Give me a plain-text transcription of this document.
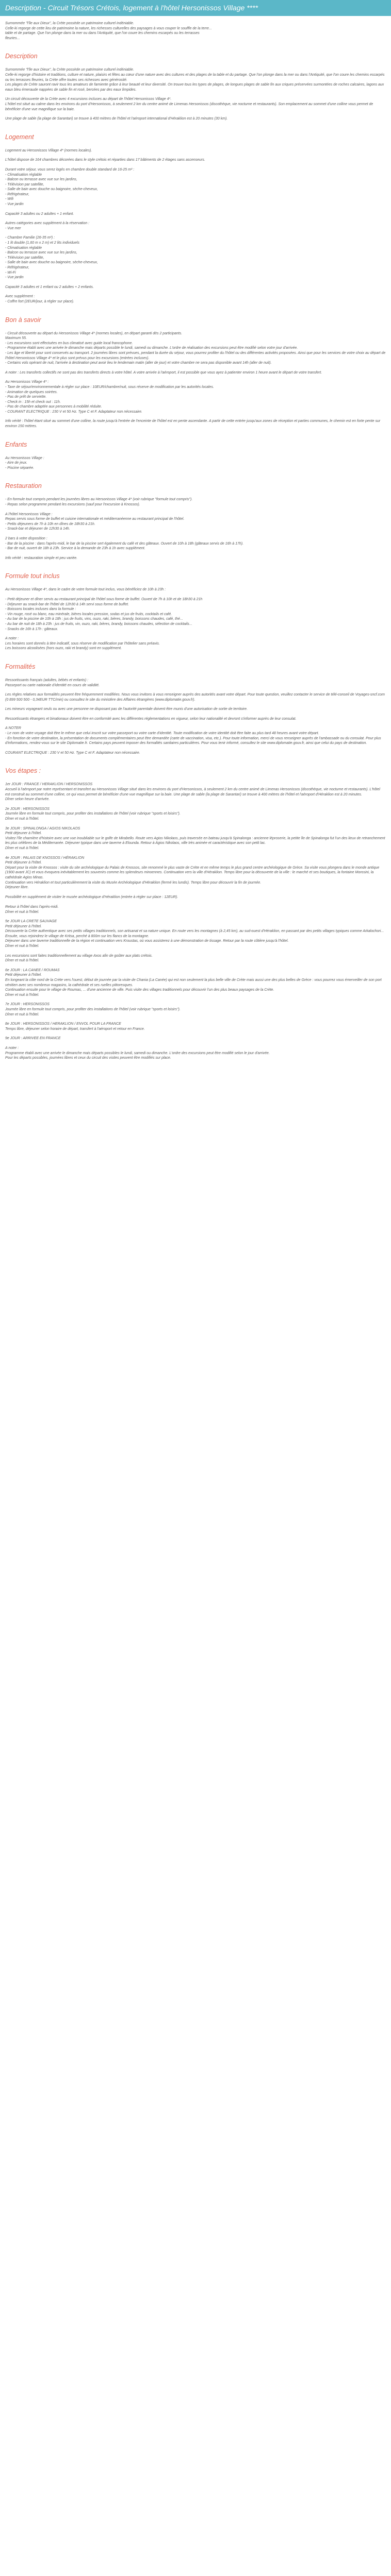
Description - Circuit Trésors Crétois, logement à l'hôtel Hersonissos Village ****
Surnommée "l'île aux Dieux", la Crète possède un patrimoine culturel indéniable.
Celle-ki regorge de cette lieu de patrimoine la nature, les richesses culturelles des paysages à vous couper le souffle de la terre...
table et de partage. Que l'on plonge dans la mer ou dans l'Antiquité, que l'on coure les chemins escarpés ou les terrasses
fleuries...
Description

Surnommée "l'île aux Dieux", la Crète possède un patrimoine culturel indéniable.
Celle-ki regorge d'histoire et traditions, culture et nature, plaisirs et fêtes au cœur d'une nature avec des cultures et des plages de la table et du partage. Que l'on plonge dans la mer ou dans l'Antiquité, que l'on coure les chemins escarpés ou les terrasses fleuries, la Crète offre toutes ses richesses avec générosité.
Les plages de Crète sauront ravir tous les amateurs de farniente grâce à leur beauté et leur diversité. On trouve tous les types de plages, de longues plages de sable fin aux criques préservées surmontées de roches calcaires, lagons aux eaux bleu émeraude nappées de sable fin et rosé, bercées par des eaux limpides.

Un circuit découverte de la Crète avec 4 excursions incluses au départ de l'hôtel Hersonissos Village 4*.
L'hôtel est situé au calme dans les environs du port d'Hersonissos, à seulement 2 km du centre animé de Limenas Hersonissos (discothèque, vie nocturne et restaurants). Son emplacement au sommet d'une colline vous permet de bénéficier d'une vue magnifique sur la baie.

Une plage de sable (la plage de Sarantari) se trouve à 400 mètres de l'hôtel et l'aéroport international d'Héraklion est à 20 minutes (30 km).

Logement

Logement au Hersonissos Village 4* (normes locales).

L'hôtel dispose de 164 chambres décorées dans le style crétois et réparties dans 17 bâtiments de 2 étages sans ascenseurs.

Durant votre séjour, vous serez logés en chambre double standard de 16-25 m² :
- Climatisation réglable
- Balcon ou terrasse avec vue sur les jardins,
- Télévision par satellite,
- Salle de bain avec douche ou baignoire, sèche-cheveux,
- Réfrigérateur,
- Wifi
- Vue jardin

Capacité 3 adultes ou 2 adultes + 1 enfant.

Autres catégories avec supplément à la réservation :
- Vue mer

- Chambre Familie (26-35 m²) :
- 1 lit double (1,60 m x 2 m) et 2 lits individuels
- Climatisation réglable
- Balcon ou terrasse avec vue sur les jardins,
- Télévision par satellite,
- Salle de bain avec douche ou baignoire, sèche-cheveux,
- Réfrigérateur,
- Wi-Fi
- Vue jardin

Capacité 3 adultes et 1 enfant ou 2 adultes + 2 enfants.

Avec supplément :
- Coffre fort (2EUR/jour, à régler sur place).

Bon à savoir

- Circuit découverte au départ du Hersonissos Village 4* (normes locales), en départ garanti dès 2 participants.
Maximum 55.
- Les excursions sont effectuées en bus climatisé avec guide local francophone.
- Programme établi avec une arrivée le dimanche mais départs possible le lundi, samedi ou dimanche. L'ordre de réalisation des excursions peut être modifié selon votre jour d'arrivée.
- Les âge et liberté pour sont conservés au transport. 2 journées libres sont prévues, pendant la durée du séjour, vous pourrez profiter du l'hôtel ou des différentes activités proposées. Ainsi que pour les services de votre choix au départ de l'hôtel Hersonissos Village 4* et le plus sont prévus pour les excursions (entrées incluses).
- Certains vols opérant de nuit, l'arrivée à destination peut avoir lieu le lendemain matin (aller de jour) et votre chambre ne sera pas disponible avant 14h (aller de nuit).

A noter : Les transferts collectifs ne sont pas des transferts directs à votre hôtel. A votre arrivée à l'aéroport, il est possible que vous ayez à patienter environ 1 heure avant le départ de votre transfert.

Au Hersonissos Village 4* :
- Taxe de séjour/environnementale à régler sur place : 10EUR/chambre/nuit, sous réserve de modification par les autorités locales.
- Animation de quelques soirées.
- Pas de prêt de serviette.
- Check in : 15h et check out : 11h.
- Pas de chambre adaptée aux personnes à mobilité réduite.
- COURANT ELECTRIQUE : 230 V et 50 Hz. Type C et F. Adaptateur non nécessaire.

Info vérité : l'hôtel étant situé au sommet d'une colline, la route jusqu'à l'entrée de l'enceinte de l'hôtel est en pente ascendante. A partir de cette entrée jusqu'aux zones de réception et parties communes, le chemin est en forte pente sur environ 150 mètres.

Enfants

Au Hersonissos Village :
- Aire de jeux.
- Piscine séparée.

Restauration

- En formule tout compris pendant les journées libres au Hersonissos Village 4* (voir rubrique "formule tout compris").
- Repas selon programme pendant les excursions (sauf pour l'excursion à Knossos).

A l'hôtel Hersonissos Village :
Repas servis sous forme de buffet et cuisine internationale et méditerranéenne au restaurant principal de l'hôtel.
- Petits déjeuners de 7h à 10h en dînes de 18h30 à 21h.
- Snack-bar et déjeuner de 12h30 à 14h.

2 bars à votre disposition :
- Bar de la piscine : dans l'après-midi, le bar de la piscine sert également du café et des gâteaux. Ouvert de 10h à 18h (gâteaux servis de 16h à 17h).
- Bar de nuit, ouvert de 18h à 23h. Service à la demande de 23h à 1h avec supplément.

Info vérité : restauration simple et peu variée.

Formule tout inclus

Au Hersonissos Village 4*, dans le cadre de votre formule tout inclus, vous bénéficiez de 10h à 23h :

- Petit déjeuner et dîner servis au restaurant principal de l'hôtel sous forme de buffet. Ouvert de 7h à 10h et de 18h30 à 21h
- Déjeuner au snack-bar de l'hôtel de 12h30 à 14h servi sous forme de buffet.
- Boissons locales incluses dans la formule :
- Vin rouge, rosé ou blanc, eau minérale, bières locales pression, sodas et jus de fruits, cocktails et café.
- Au bar de la piscine de 10h à 18h : jus de fruits, vins, ouzo, raki, bières, brandy, boissons chaudes, café, thé...
- Au bar de nuit de 18h à 23h : jus de fruits, vin, ouzo, raki, bières, brandy, boissons chaudes, sélection de cocktails...
- Snacks de 16h à 17h : gâteaux.

A noter :
Les horaires sont donnés à titre indicatif, sous réserve de modification par l'hôtelier sans préavis.
Les boissons alcoolisées (hors ouzo, raki et brandy) sont en supplément.

Formalités

Ressortissants français (adultes, bébés et enfants) :
Passeport ou carte nationale d'identité en cours de validité.

Les règles relatives aux formalités peuvent être fréquemment modifiées. Nous vous invitons à vous renseigner auprès des autorités avant votre départ. Pour toute question, veuillez contacter le service de télé-conseil de Voyages-sncf.com (0 899 500 500 - 0,34EUR TTC/min) ou consultez le site du ministère des Affaires étrangères (www.diplomatie.gouv.fr).

Les mineurs voyageant seuls ou avec une personne ne disposant pas de l'autorité parentale doivent être munis d'une autorisation de sortie de territoire.

Ressortissants étrangers et binationaux doivent être en conformité avec les différentes réglementations en vigueur, selon leur nationalité et devront s'informer auprès de leur consulat.

A NOTER
- Le nom de votre voyage doit être le même que celui inscrit sur votre passeport ou votre carte d'identité. Toute modification de votre identité doit être faite au plus tard 48 heures avant votre départ.
- En fonction de votre destination, la présentation de documents complémentaires peut être demandée (carte de vaccination, visa, etc.). Pour toute information, merci de vous renseigner auprès de l'ambassade ou du consulat. Pour plus d'informations, rendez-vous sur le site Diplomatie.fr. Certains pays peuvent imposer des formalités sanitaires particulières. Pour vous tenir informé, consultez le site www.diplomatie.gouv.fr, ainsi que celui du pays de destination.

COURANT ELECTRIQUE : 230 V et 50 Hz. Type C et F. Adaptateur non nécessaire.

Vos étapes :

1er JOUR : FRANCE / HERAKLION / HERSONISSOS
Accueil à l'aéroport par notre représentant et transfert au Hersonissos Village situé dans les environs du port d'Hersonissos, à seulement 2 km du centre animé de Limenas Hersonissos (discothèque, vie nocturne et restaurants). L'hôtel est construit au sommet d'une colline, ce qui vous permet de bénéficier d'une vue magnifique sur la baie. Une plage de sable (la plage de Sarantari) se trouve à 400 mètres de l'hôtel et l'aéroport d'Héraklion est à 20 minutes.
Dîner selon heure d'arrivée.

2e JOUR : HERSONISSOS
Journée libre en formule tout compris, pour profiter des installations de l'hôtel (voir rubrique "sports et loisirs").
Dîner et nuit à l'hôtel.

3e JOUR : SPINALONGA / AGIOS NIKOLAOS
Petit déjeuner à l'hôtel.
Visitez l'île charnière d'histoire avec une vue inoubliable sur le golfe de Mirabello. Route vers Agios Nikolaos, puis traversée en bateau jusqu'à Spinalonga : ancienne léproserie, la petite île de Spinalonga fut l'un des lieux de retranchement les plus célèbres de la Méditerranée. Déjeuner typique dans une taverne à Elounda. Retour à Agios Nikolaos, ville très animée et caractéristique avec son petit lac.
Dîner et nuit à l'hôtel.

4e JOUR : PALAIS DE KNOSSOS / HÉRAKLION
Petit déjeuner à l'hôtel.
Départ pour la visite de Knossos : visite du site archéologique du Palais de Knossos, site renommé le plus vaste de Crète et en même temps le plus grand centre archéologique de Grèce. Sa visite vous plongera dans le monde antique (1900 avant JC) et vous évoquera inévitablement les souvenirs comme les splendeurs minoennes. Continuation vers la ville d'Héraklion. Temps libre pour la découverte de la ville : le marché et ses boutiques, la fontaine Morosini, la cathédrale Agios Minas.
Continuation vers Héraklion et tout particulièrement la visite du Musée Archéologique d'Héraklion (fermé les lundis). Temps libre pour découvrir la fin de journée.
Déjeuner libre.

Possibilité en supplément de visiter le musée archéologique d'Héraklion (entrée à régler sur place : 12EUR).

Retour à l'hôtel dans l'après-midi.
Dîner et nuit à l'hôtel.

5e JOUR LA CRETE SAUVAGE
Petit déjeuner à l'hôtel.
Découverte la Crète authentique avec ses petits villages traditionnels, son artisanat et sa nature unique. En route vers les montagnes (à 2,45 km), au sud-ouest d'Héraklion, en passant par des petits villages typiques comme Arkalochori... Ensuite, vous rejoindrez le village de Kritsa, perché à 800m sur les flancs de la montagne.
Déjeuner dans une taverne traditionnelle de la région et continuation vers Kroustas, où vous assisterez à une démonstration de tissage. Retour par la route côtière jusqu'à l'hôtel.
Dîner et nuit à l'hôtel.

Les excursions sont faites traditionnellement au village Axos afin de goûter aux plats crétois.
Dîner et nuit à l'hôtel.

6e JOUR : LA CANEE / ROUMAS
Petit déjeuner à l'hôtel.
En longeant la côte nord de la Crète vers l'ouest, début de journée par la visite de Chania (La Canée) qui est non seulement la plus belle ville de Crète mais aussi une des plus belles de Grèce : vous pourrez vous émerveiller de son port vénitien avec ses nombreux magasins, la cathédrale et ses ruelles pittoresques.
Continuation ensuite pour le village de Roumas, ... d'une ancienne de ville. Puis visite des villages traditionnels pour découvrir l'un des plus beaux paysages de la Crète.
Dîner et nuit à l'hôtel.

7e JOUR : HERSONISSOS
Journée libre en formule tout compris, pour profiter des installations de l'hôtel (voir rubrique "sports et loisirs").
Dîner et nuit à l'hôtel.

8e JOUR : HERSONISSOS / HERAKLION / ENVOL POUR LA FRANCE
Temps libre, déjeuner selon horaire de départ, transfert à l'aéroport et retour en France.

9e JOUR : ARRIVEE EN FRANCE

A noter :
Programme établi avec une arrivée le dimanche mais départs possibles le lundi, samedi ou dimanche. L'ordre des excursions peut être modifié selon le jour d'arrivée.
Pour les départs possibles, journées libres et ceux du circuit des visites peuvent être modifiés sur place.
